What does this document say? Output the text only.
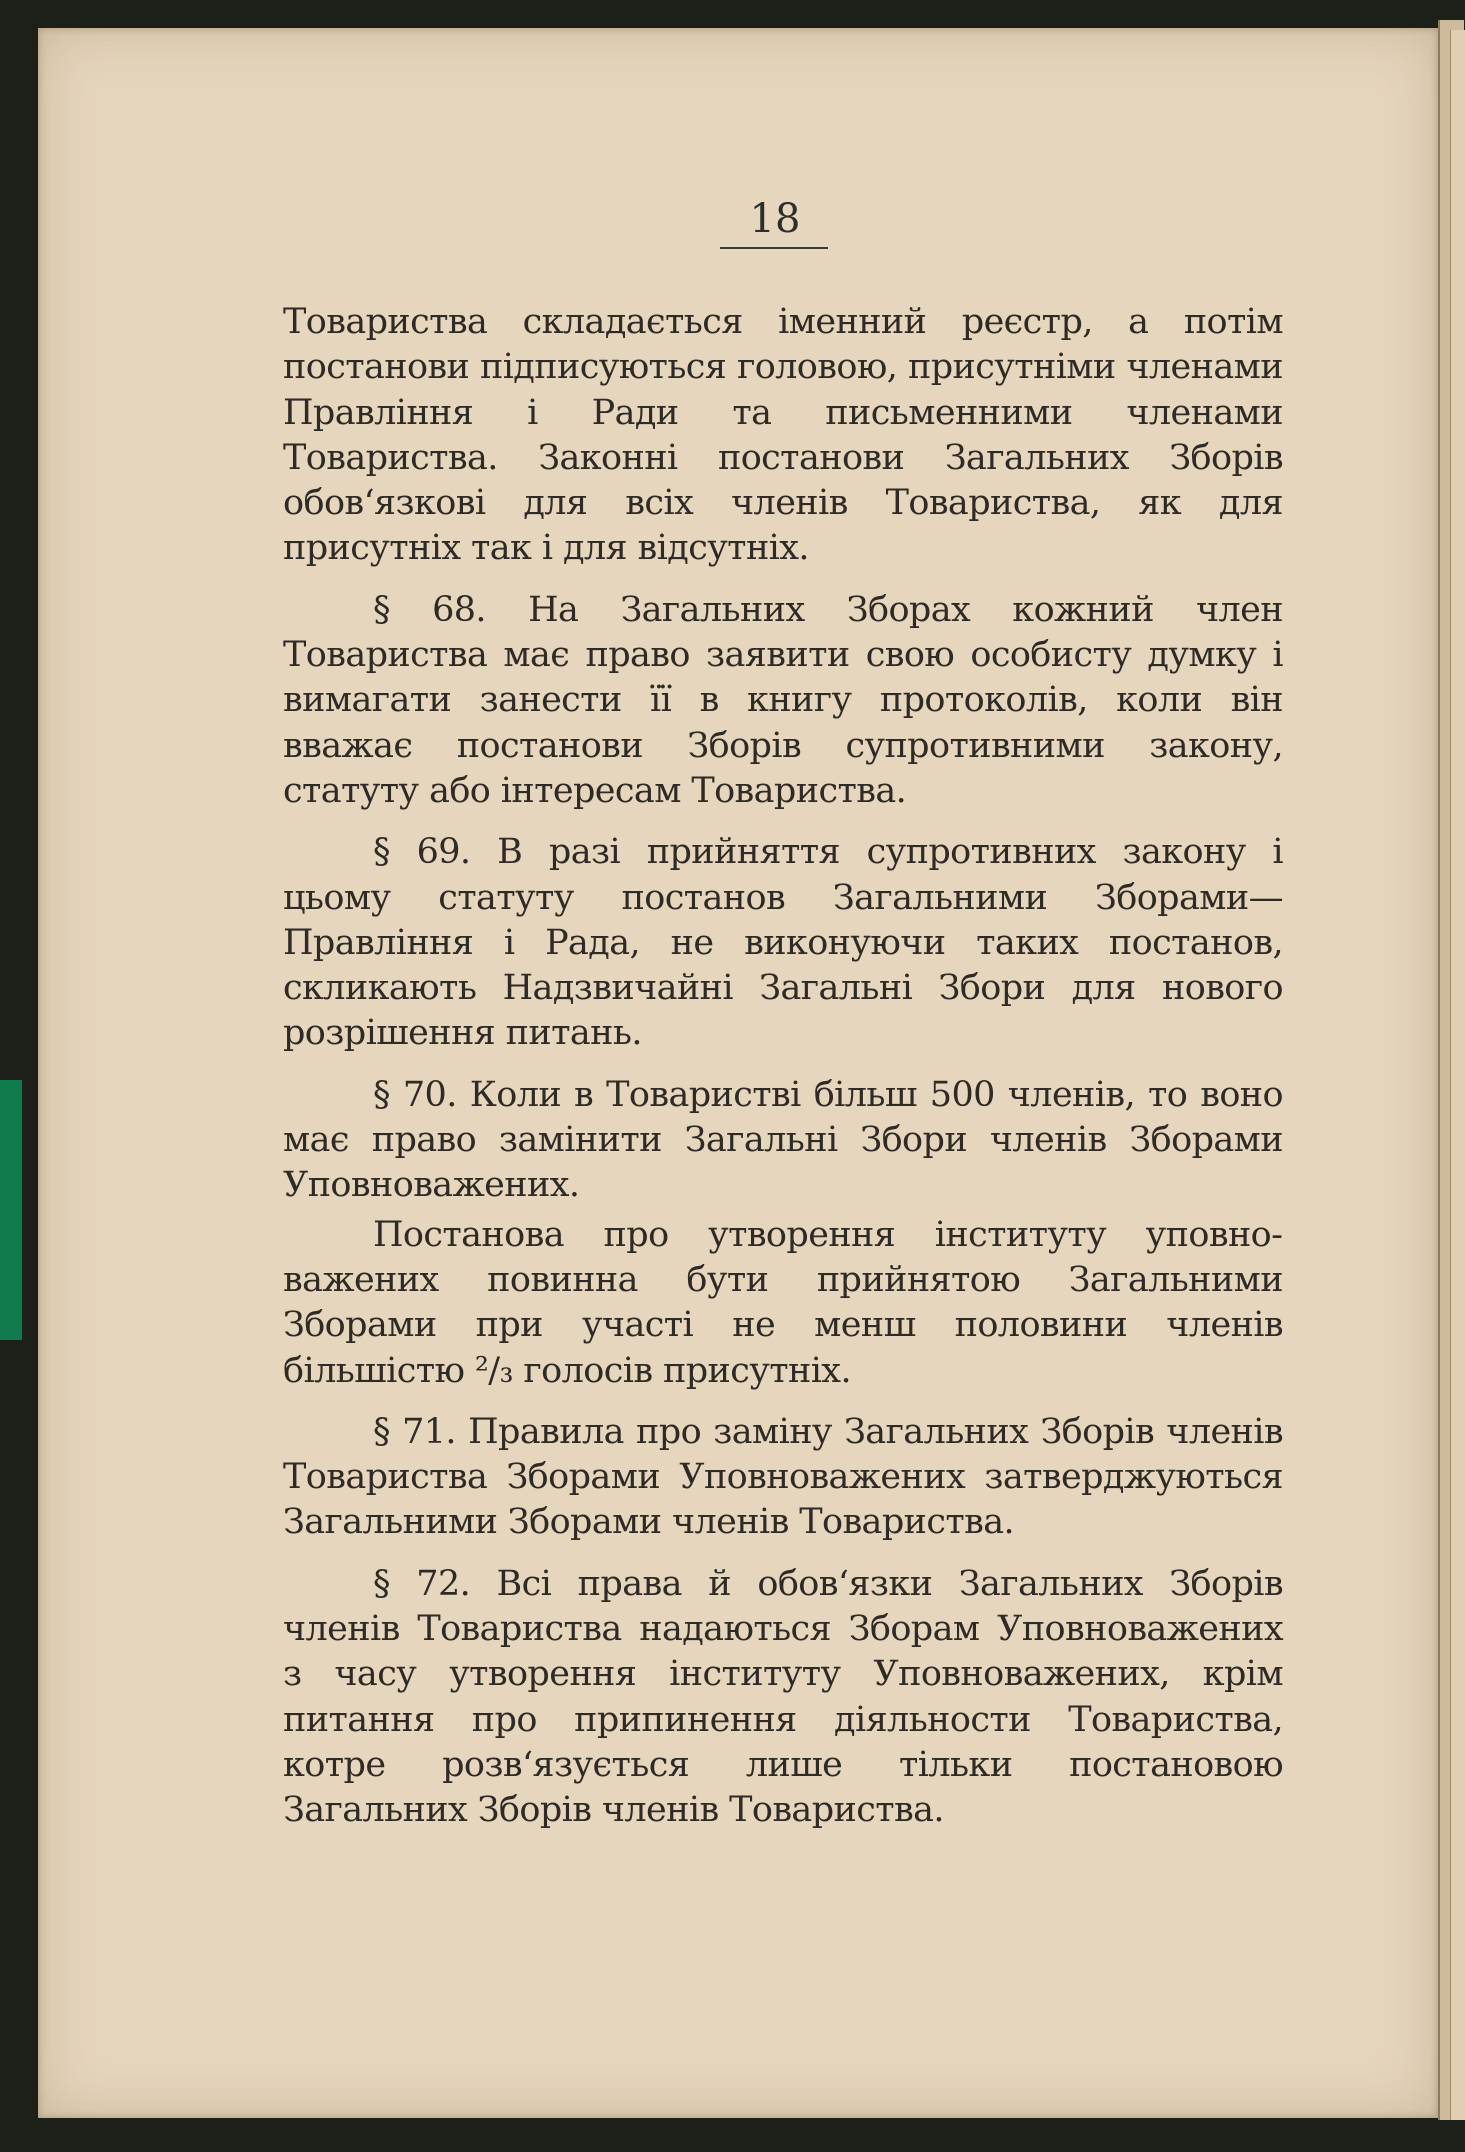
18

Товариства складається іменний реєстр, а потім постанови підписуються головою, присутніми членами Правління і Ради та письменними членами Товариства. Законні постанови Загальних Зборів обов‘язкові для всіх членів Товариства, як для присутніх так і для відсутніх.

§ 68. На Загальних Зборах кожний член Товариства має право заявити свою особисту думку і вимагати занести її в книгу протоколів, коли він вважає постанови Зборів супротивними закону, статуту або інтересам Товариства.

§ 69. В разі прийняття супротивних закону і цьому статуту постанов Загальними Зборами— Правління і Рада, не виконуючи таких постанов, скликають Надзвичайні Загальні Збори для нового розрішення питань.

§ 70. Коли в Товаристві більш 500 членів, то воно має право замінити Загальні Збори членів Зборами Уповноважених.

Постанова про утворення інституту уповноважених повинна бути прийнятою Загальними Зборами при участі не менш половини членів більшістю ²/₃ голосів присутніх.

§ 71. Правила про заміну Загальних Зборів членів Товариства Зборами Уповноважених затверджуються Загальними Зборами членів Товариства.

§ 72. Всі права й обов‘язки Загальних Зборів членів Товариства надаються Зборам Уповноважених з часу утворення інституту Уповноважених, крім питання про припинення діяльности Товариства, котре розв‘язується лише тільки постановою Загальних Зборів членів Товариства.
